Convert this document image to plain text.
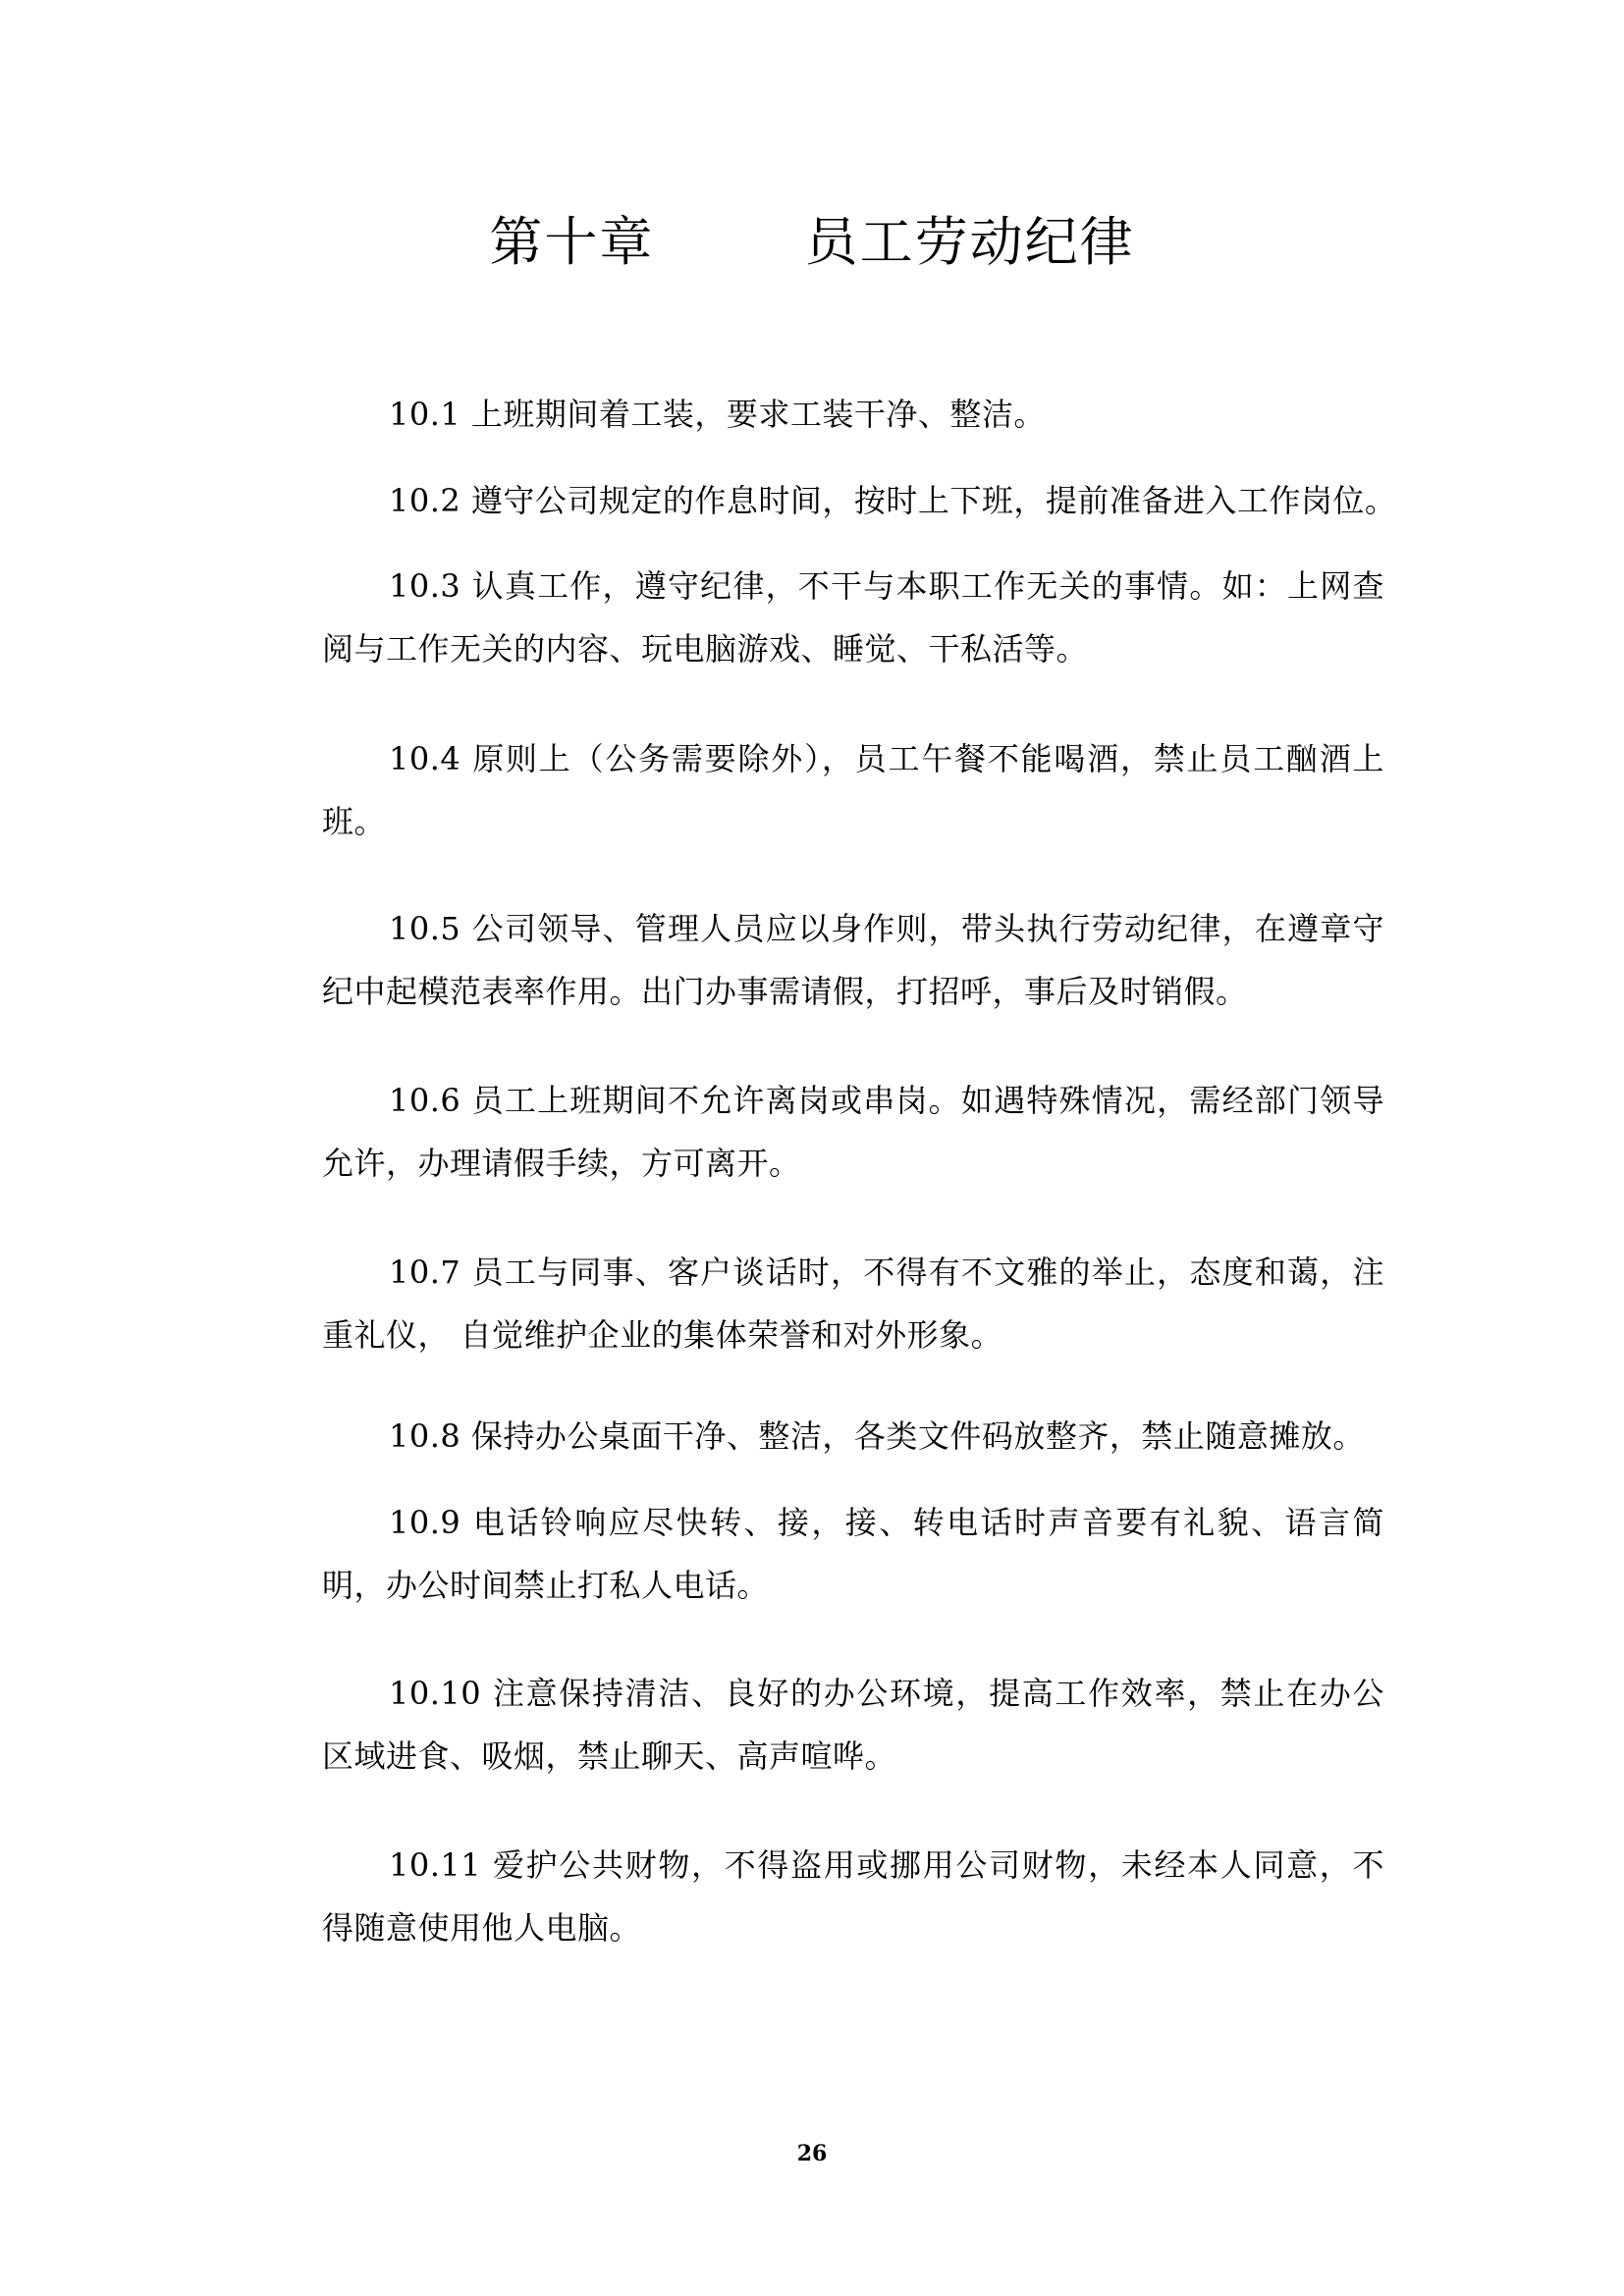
第十章        员工劳动纪律

10.1 上班期间着工装，要求工装干净、整洁。

10.2 遵守公司规定的作息时间，按时上下班，提前准备进入工作岗位。

10.3 认真工作，遵守纪律，不干与本职工作无关的事情。如：上网查阅与工作无关的内容、玩电脑游戏、睡觉、干私活等。

10.4 原则上（公务需要除外），员工午餐不能喝酒，禁止员工酗酒上班。

10.5 公司领导、管理人员应以身作则，带头执行劳动纪律，在遵章守纪中起模范表率作用。出门办事需请假，打招呼，事后及时销假。

10.6 员工上班期间不允许离岗或串岗。如遇特殊情况，需经部门领导允许，办理请假手续，方可离开。

10.7 员工与同事、客户谈话时，不得有不文雅的举止，态度和蔼，注重礼仪， 自觉维护企业的集体荣誉和对外形象。

10.8 保持办公桌面干净、整洁，各类文件码放整齐，禁止随意摊放。

10.9 电话铃响应尽快转、接，接、转电话时声音要有礼貌、语言简明，办公时间禁止打私人电话。

10.10 注意保持清洁、良好的办公环境，提高工作效率，禁止在办公区域进食、吸烟，禁止聊天、高声喧哗。

10.11 爱护公共财物，不得盗用或挪用公司财物，未经本人同意，不得随意使用他人电脑。

26
